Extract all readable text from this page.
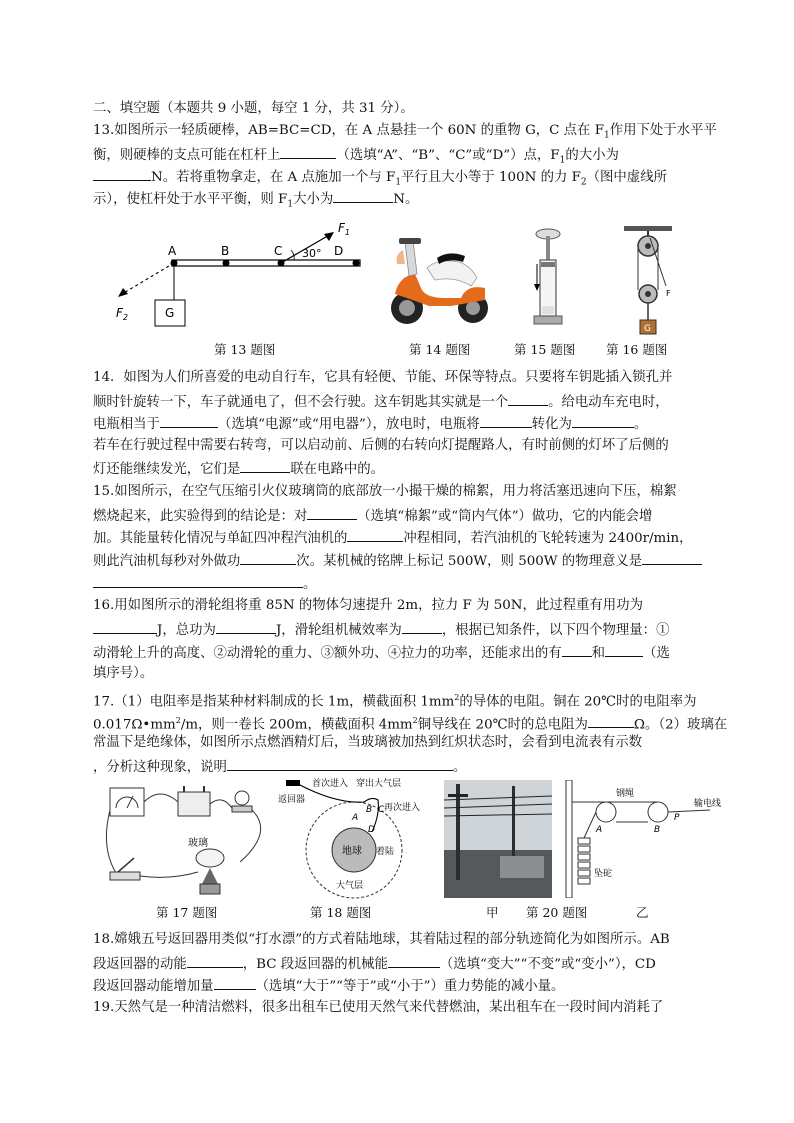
二、填空题（本题共 9 小题，每空 1 分，共 31 分）。
13.如图所示一轻质硬棒，AB=BC=CD，在 A 点悬挂一个 60N 的重物 G，C 点在 $F_1$作用下处于水平平
衡，则硬棒的支点可能在杠杆上	（选填“A”、“B”、“C”或“D”）点，$F_1$的大小为
N。若将重物拿走，在 A 点施加一个与 $F_1$平行且大小等于 100N 的力 $F_2$（图中虚线所
示），使杠杆处于水平平衡，则 $F_1$大小为	N。
A	B	C	D
30°
$F_1$
$F_2$	G
第 13 题图	第 14 题图	第 15 题图
F
G
第 16 题图
14．如图为人们所喜爱的电动自行车，它具有轻便、节能、环保等特点。只要将车钥匙插入锁孔并
顺时针旋转一下，车子就通电了，但不会行驶。这车钥匙其实就是一个	。给电动车充电时，
电瓶相当于	（选填“电源”或“用电器”），放电时，电瓶将	转化为	。
若车在行驶过程中需要右转弯，可以启动前、后侧的右转向灯提醒路人，有时前侧的灯坏了后侧的
灯还能继续发光，它们是	联在电路中的。
15.如图所示，在空气压缩引火仪玻璃筒的底部放一小撮干燥的棉絮，用力将活塞迅速向下压，棉絮
燃烧起来，此实验得到的结论是：对	（选填“棉絮”或“筒内气体”）做功，它的内能会增
加。其能量转化情况与单缸四冲程汽油机的	冲程相同，若汽油机的飞轮转速为 2400r/min，
则此汽油机每秒对外做功	次。某机械的铭牌上标记 500W，则 500W 的物理意义是
。
16.用如图所示的滑轮组将重 85N 的物体匀速提升 2m，拉力 F 为 50N，此过程重有用功为
J，总功为	J，滑轮组机械效率为	，根据已知条件，以下四个物理量：①
动滑轮上升的高度、②动滑轮的重力、③额外功、④拉力的功率，还能求出的有 和	（选
填序号）。
17.（1）电阻率是指某种材料制成的长 1m，横截面积 $1mm^2$的导体的电阻。铜在 20℃时的电阻率为
$0.017\Omega•mm^2/m$，则一卷长 200m，横截面积 $4mm^2$铜导线在 20℃时的总电阻为	Ω。（2）玻璃在
常温下是绝缘体，如图所示点燃酒精灯后，当玻璃被加热到红炽状态时，会看到电流表有示数
，分析这种现象，说明	。
玻璃
第 17 题图
返回器
首次进入 穿出大气层
再次进入
地球
大气层
着陆
A
B C
D
第 18 题图	甲
钢绳
输电线
A	B
P
坠砣
第 20 题图	乙
18.嫦娥五号返回器用类似“打水漂”的方式着陆地球，其着陆过程的部分轨迹简化为如图所示。AB
段返回器的动能	，BC 段返回器的机械能	（选填“变大”“不变”或“变小”），CD
段返回器动能增加量	（选填“大于”“等于”或“小于”）重力势能的减小量。
19.天然气是一种清洁燃料，很多出租车已使用天然气来代替燃油，某出租车在一段时间内消耗了
